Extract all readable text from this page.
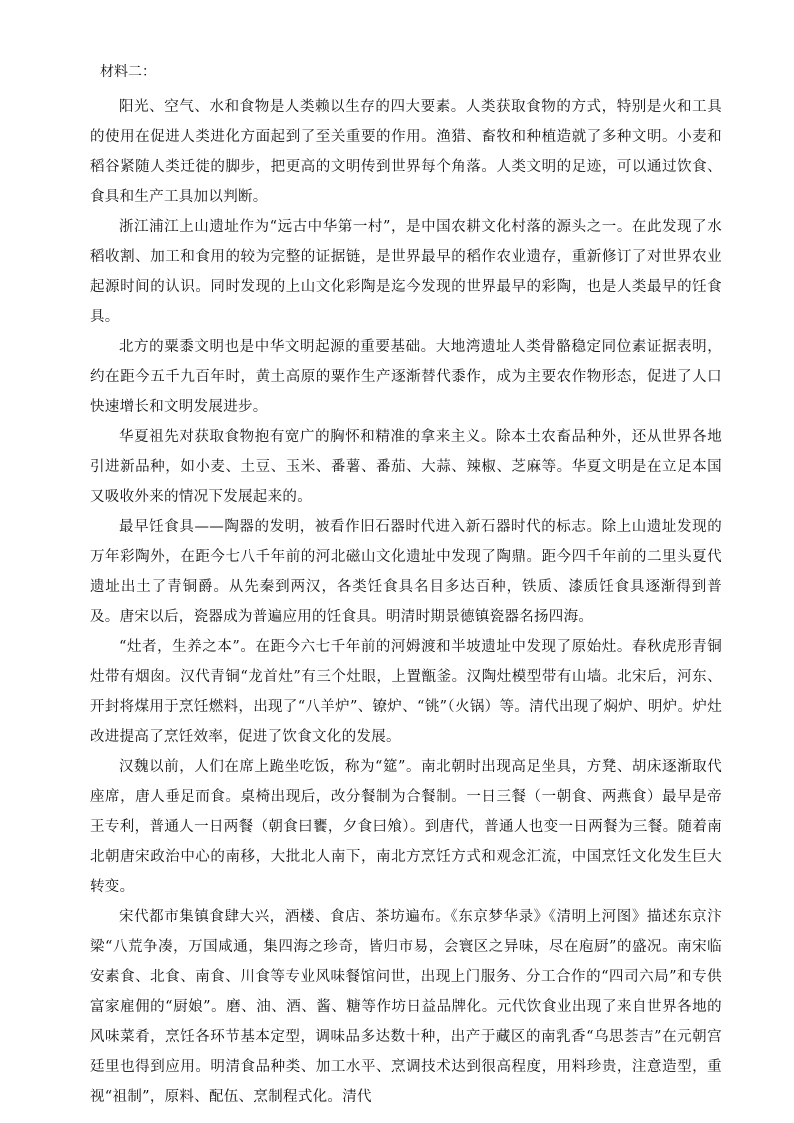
材料二：

阳光、空气、水和食物是人类赖以生存的四大要素。人类获取食物的方式，特别是火和工具的使用在促进人类进化方面起到了至关重要的作用。渔猎、畜牧和种植造就了多种文明。小麦和稻谷紧随人类迁徙的脚步，把更高的文明传到世界每个角落。人类文明的足迹，可以通过饮食、食具和生产工具加以判断。

浙江浦江上山遗址作为“远古中华第一村”，是中国农耕文化村落的源头之一。在此发现了水稻收割、加工和食用的较为完整的证据链，是世界最早的稻作农业遗存，重新修订了对世界农业起源时间的认识。同时发现的上山文化彩陶是迄今发现的世界最早的彩陶，也是人类最早的饪食具。

北方的粟黍文明也是中华文明起源的重要基础。大地湾遗址人类骨骼稳定同位素证据表明，约在距今五千九百年时，黄土高原的粟作生产逐渐替代黍作，成为主要农作物形态，促进了人口快速增长和文明发展进步。

华夏祖先对获取食物抱有宽广的胸怀和精准的拿来主义。除本土农畜品种外，还从世界各地引进新品种，如小麦、土豆、玉米、番薯、番茄、大蒜、辣椒、芝麻等。华夏文明是在立足本国又吸收外来的情况下发展起来的。

最早饪食具——陶器的发明，被看作旧石器时代进入新石器时代的标志。除上山遗址发现的万年彩陶外，在距今七八千年前的河北磁山文化遗址中发现了陶鼎。距今四千年前的二里头夏代遗址出土了青铜爵。从先秦到两汉，各类饪食具名目多达百种，铁质、漆质饪食具逐渐得到普及。唐宋以后，瓷器成为普遍应用的饪食具。明清时期景德镇瓷器名扬四海。

“灶者，生养之本”。在距今六七千年前的河姆渡和半坡遗址中发现了原始灶。春秋虎形青铜灶带有烟囱。汉代青铜“龙首灶”有三个灶眼，上置甑釜。汉陶灶模型带有山墙。北宋后，河东、开封将煤用于烹饪燃料，出现了“八羊炉”、镣炉、“铫”（火锅）等。清代出现了焖炉、明炉。炉灶改进提高了烹饪效率，促进了饮食文化的发展。

汉魏以前，人们在席上跪坐吃饭，称为“筵”。南北朝时出现高足坐具，方凳、胡床逐渐取代座席，唐人垂足而食。桌椅出现后，改分餐制为合餐制。一日三餐（一朝食、两燕食）最早是帝王专利，普通人一日两餐（朝食曰饔，夕食曰飧）。到唐代，普通人也变一日两餐为三餐。随着南北朝唐宋政治中心的南移，大批北人南下，南北方烹饪方式和观念汇流，中国烹饪文化发生巨大转变。

宋代都市集镇食肆大兴，酒楼、食店、茶坊遍布。《东京梦华录》《清明上河图》描述东京汴梁“八荒争凑，万国咸通，集四海之珍奇，皆归市易，会寰区之异味，尽在庖厨”的盛况。南宋临安素食、北食、南食、川食等专业风味餐馆问世，出现上门服务、分工合作的“四司六局”和专供富家雇佣的“厨娘”。磨、油、酒、酱、糖等作坊日益品牌化。元代饮食业出现了来自世界各地的风味菜肴，烹饪各环节基本定型，调味品多达数十种，出产于藏区的南乳香“乌思荟吉”在元朝宫廷里也得到应用。明清食品种类、加工水平、烹调技术达到很高程度，用料珍贵，注意造型，重视“祖制”，原料、配伍、烹制程式化。清代
